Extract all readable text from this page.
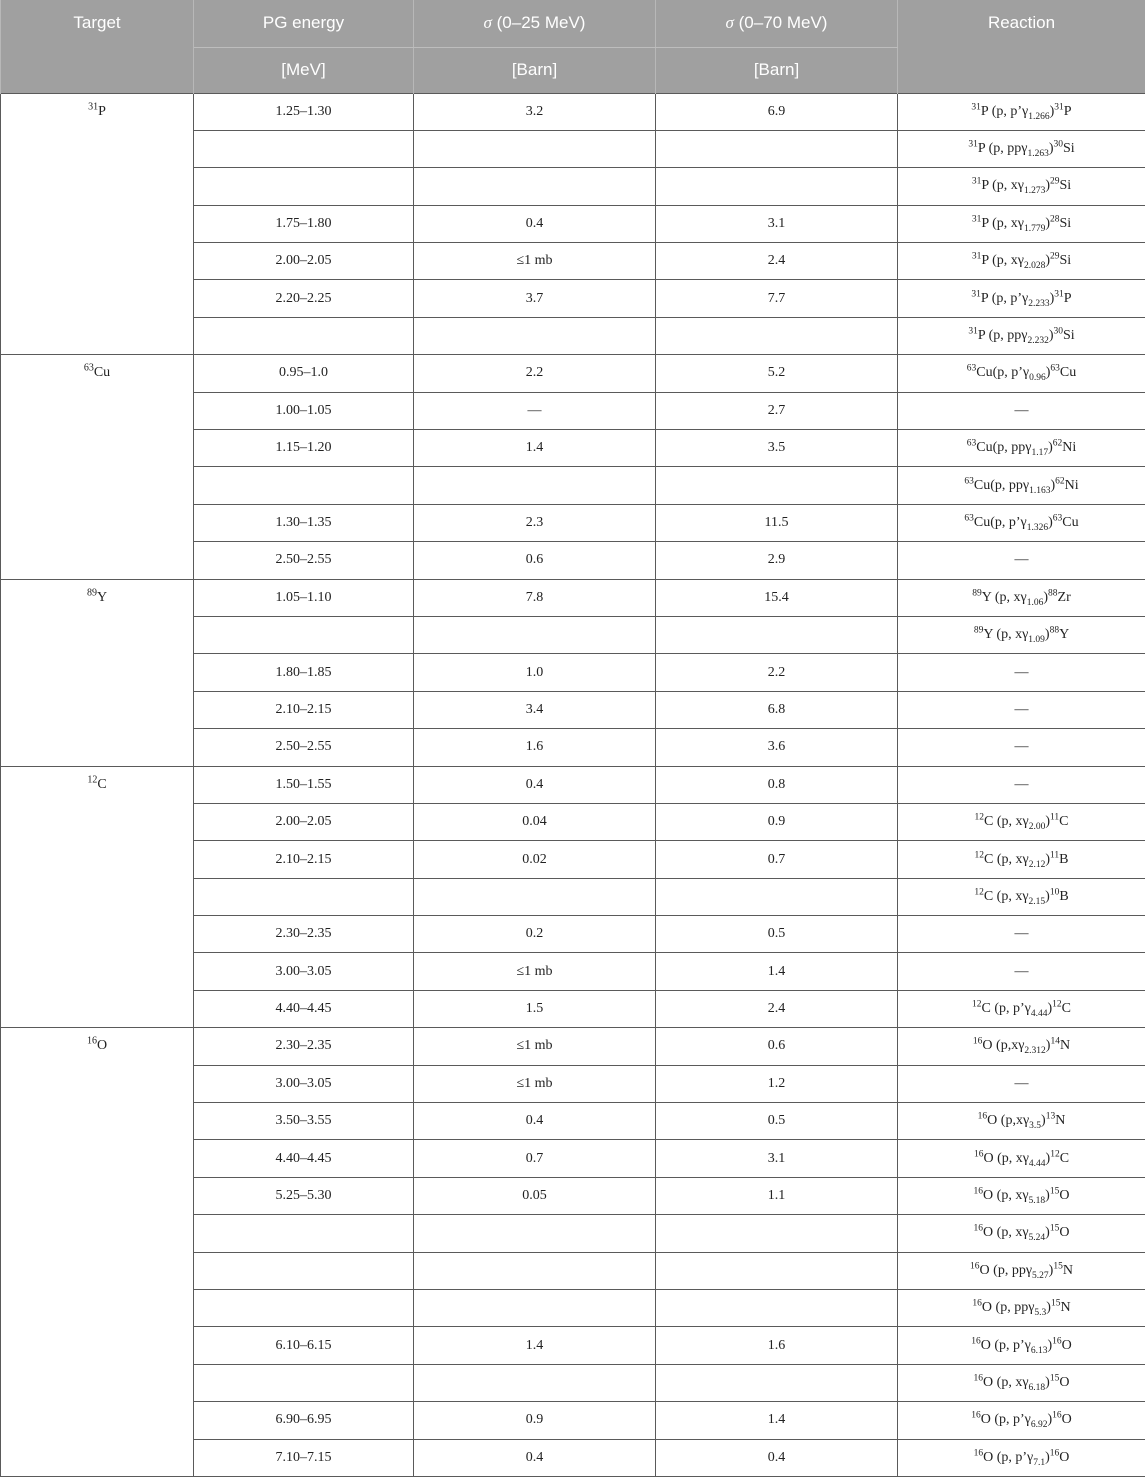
Target	PG energy	σ (0–25 MeV)	σ (0–70 MeV)	Reaction
	[MeV]	[Barn]	[Barn]	
$^{31}$P	1.25–1.30	3.2	6.9	$^{31}$P (p, $p’\gamma_{1.266})^{31}P$
				$^{31}$P (p, ppγ$_{1.263}$)$^{30}$Si
				$^{31}$P (p, $x\gamma_{1.273})^{29}Si$
	1.75–1.80	0.4	3.1	$^{31}$P (p, $x\gamma_{1.779})^{28}Si$
	2.00–2.05	≤1 mb	2.4	$^{31}$P (p, $x\gamma_{2.028})^{29}Si$
	2.20–2.25	3.7	7.7	$^{31}$P (p, $p’\gamma_{2.233})^{31}P$
				$^{31}$P (p, ppγ$_{2.232}$)$^{30}$Si
$^{63}$Cu	0.95–1.0	2.2	5.2	$^{63}$Cu(p, $p’\gamma_{0.96})^{63}Cu$
	1.00–1.05	—	2.7	—
	1.15–1.20	1.4	3.5	$^{63}$Cu(p, ppγ$_{1.17}$)$^{62}$Ni
				$^{63}$Cu(p, ppγ$_{1.163}$)$^{62}$Ni
	1.30–1.35	2.3	11.5	$^{63}$Cu(p, $p’\gamma_{1.326})^{63}Cu$
	2.50–2.55	0.6	2.9	—
$^{89}$Y	1.05–1.10	7.8	15.4	$^{89}$Y (p, $x\gamma_{1.06})^{88}Zr$
				$^{89}$Y (p, $x\gamma_{1.09})^{88}Y$
	1.80–1.85	1.0	2.2	—
	2.10–2.15	3.4	6.8	—
	2.50–2.55	1.6	3.6	—
$^{12}$C	1.50–1.55	0.4	0.8	—
	2.00–2.05	0.04	0.9	$^{12}$C (p, $x\gamma_{2.00})^{11}C$
	2.10–2.15	0.02	0.7	$^{12}$C (p, $x\gamma_{2.12})^{11}B$
				$^{12}$C (p, $x\gamma_{2.15})^{10}B$
	2.30–2.35	0.2	0.5	—
	3.00–3.05	≤1 mb	1.4	—
	4.40–4.45	1.5	2.4	$^{12}$C (p, $p’\gamma_{4.44})^{12}C$
$^{16}$O	2.30–2.35	≤1 mb	0.6	$^{16}$O $(p,x\gamma_{2.312})^{14}N$
	3.00–3.05	≤1 mb	1.2	—
	3.50–3.55	0.4	0.5	$^{16}$O $(p,x\gamma_{3.5})^{13}N$
	4.40–4.45	0.7	3.1	$^{16}$O (p, $x\gamma_{4.44})^{12}C$
	5.25–5.30	0.05	1.1	$^{16}$O (p, $x\gamma_{5.18})^{15}O$
				$^{16}$O (p, $x\gamma_{5.24})^{15}O$
				$^{16}$O (p, ppγ$_{5.27}$)$^{15}$N
				$^{16}$O (p, ppγ$_{5.3}$)$^{15}$N
	6.10–6.15	1.4	1.6	$^{16}$O (p, $p’\gamma_{6.13})^{16}O$
				$^{16}$O (p, $x\gamma_{6.18})^{15}O$
	6.90–6.95	0.9	1.4	$^{16}$O (p, $p’\gamma_{6.92})^{16}O$
	7.10–7.15	0.4	0.4	$^{16}$O (p, $p’\gamma_{7.1})^{16}O$
